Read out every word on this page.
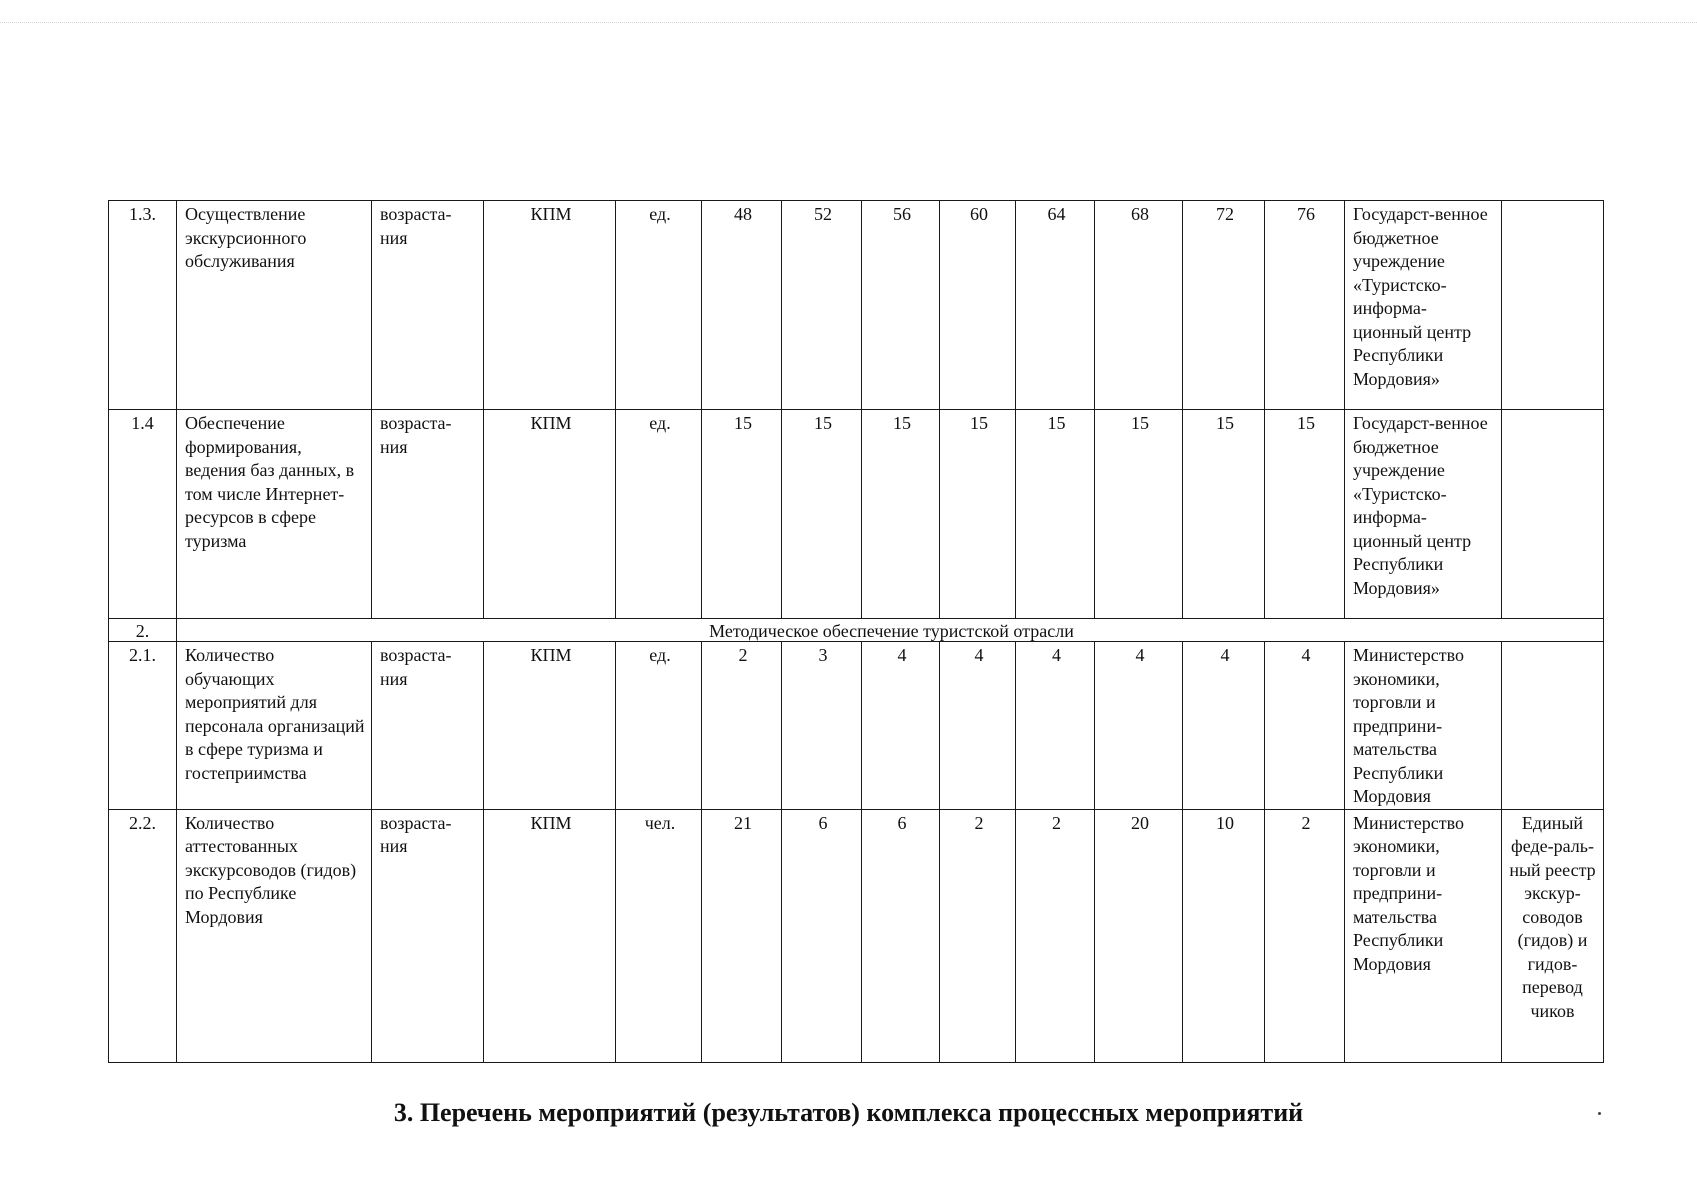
1.3.	Осуществление экскурсионного обслуживания	возраста-ния	КПМ	ед.	48	52	56	60	64	68	72	76	Государст-венное бюджетное учреждение «Туристско-информа-ционный центр Республики Мордовия»	
1.4	Обеспечение формирования, ведения баз данных, в том числе Интернет-ресурсов в сфере туризма	возраста-ния	КПМ	ед.	15	15	15	15	15	15	15	15	Государст-венное бюджетное учреждение «Туристско-информа-ционный центр Республики Мордовия»	
2.	Методическое обеспечение туристской отрасли													
2.1.	Количество обучающих мероприятий для персонала организаций в сфере туризма и гостеприимства	возраста-ния	КПМ	ед.	2	3	4	4	4	4	4	4	Министерство экономики, торговли и предприни-мательства Республики Мордовия	
2.2.	Количество аттестованных экскурсоводов (гидов) по Республике Мордовия	возраста-ния	КПМ	чел.	21	6	6	2	2	20	10	2	Министерство экономики, торговли и предприни-мательства Республики Мордовия	Единый феде-раль-ный реестр экскур-соводов (гидов) и гидов-перевод чиков
3. Перечень мероприятий (результатов) комплекса процессных мероприятий
